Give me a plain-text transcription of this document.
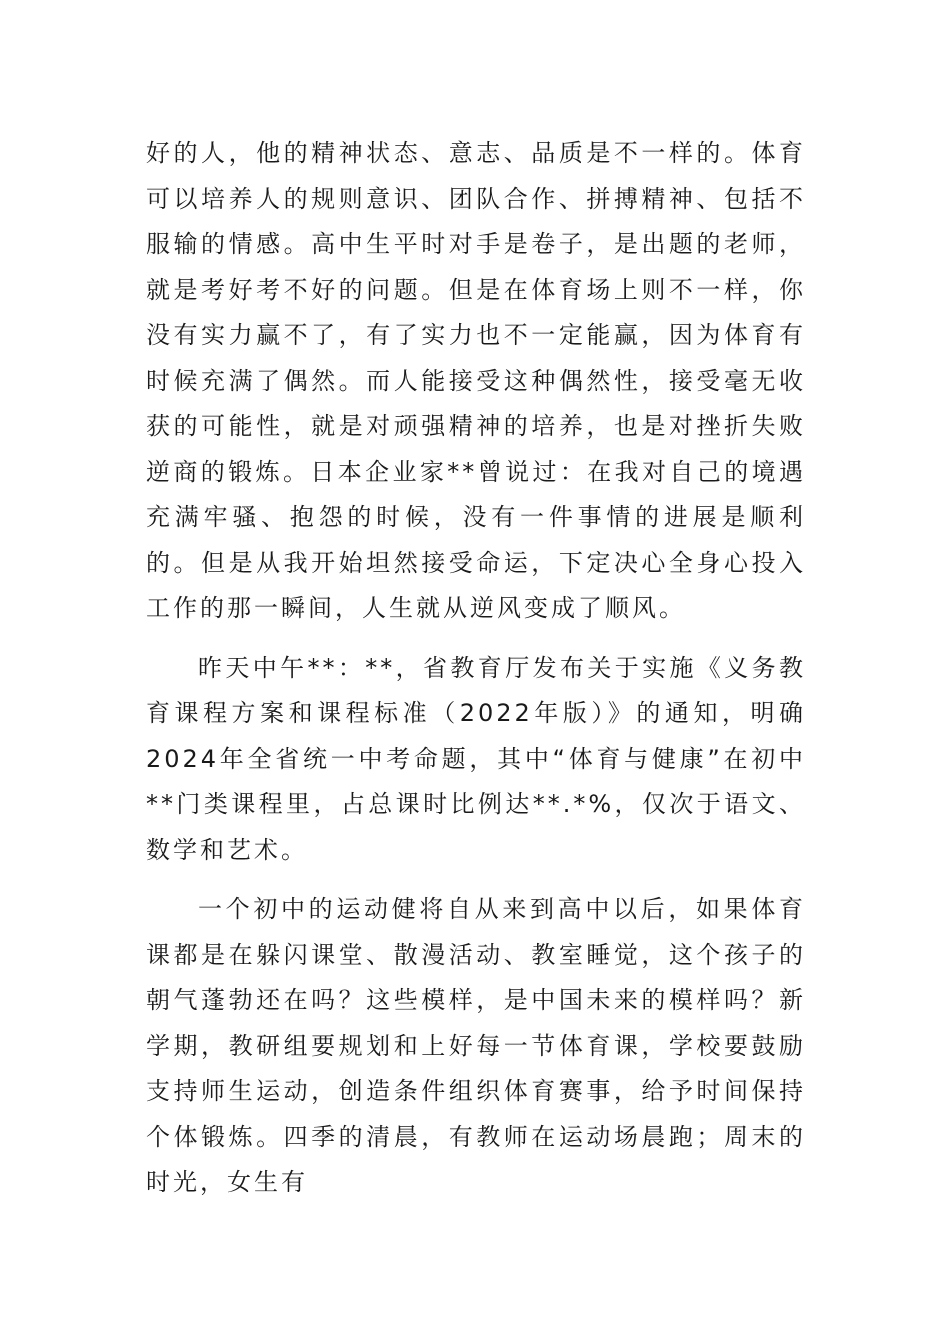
好的人，他的精神状态、意志、品质是不一样的。体育可以培养人的规则意识、团队合作、拼搏精神、包括不服输的情感。高中生平时对手是卷子，是出题的老师，就是考好考不好的问题。但是在体育场上则不一样，你没有实力赢不了，有了实力也不一定能赢，因为体育有时候充满了偶然。而人能接受这种偶然性，接受毫无收获的可能性，就是对顽强精神的培养，也是对挫折失败逆商的锻炼。日本企业家**曾说过：在我对自己的境遇充满牢骚、抱怨的时候，没有一件事情的进展是顺利的。但是从我开始坦然接受命运，下定决心全身心投入工作的那一瞬间，人生就从逆风变成了顺风。

昨天中午**：**，省教育厅发布关于实施《义务教育课程方案和课程标准（2022年版）》的通知，明确2024年全省统一中考命题，其中“体育与健康”在初中**门类课程里，占总课时比例达**.*%，仅次于语文、数学和艺术。

一个初中的运动健将自从来到高中以后，如果体育课都是在躲闪课堂、散漫活动、教室睡觉，这个孩子的朝气蓬勃还在吗？这些模样，是中国未来的模样吗？新学期，教研组要规划和上好每一节体育课，学校要鼓励支持师生运动，创造条件组织体育赛事，给予时间保持个体锻炼。四季的清晨，有教师在运动场晨跑；周末的时光，女生有
